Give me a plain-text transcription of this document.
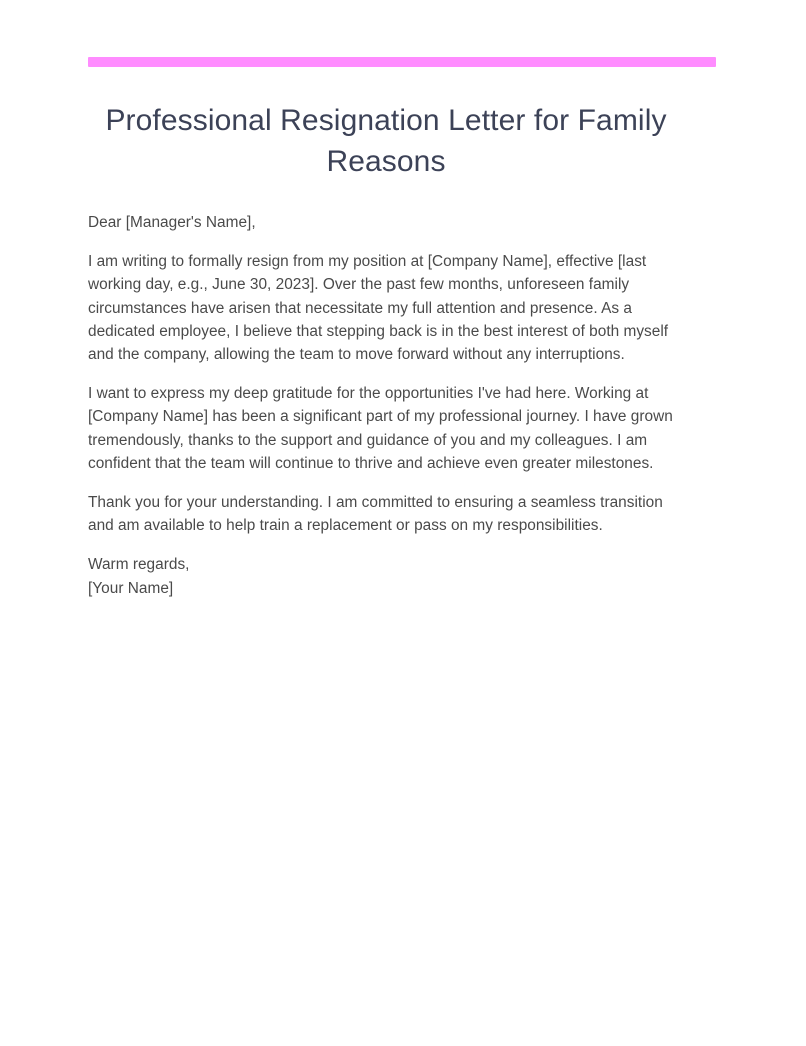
Professional Resignation Letter for Family Reasons

Dear [Manager's Name],

I am writing to formally resign from my position at [Company Name], effective [last working day, e.g., June 30, 2023]. Over the past few months, unforeseen family circumstances have arisen that necessitate my full attention and presence. As a dedicated employee, I believe that stepping back is in the best interest of both myself and the company, allowing the team to move forward without any interruptions.

I want to express my deep gratitude for the opportunities I've had here. Working at [Company Name] has been a significant part of my professional journey. I have grown tremendously, thanks to the support and guidance of you and my colleagues. I am confident that the team will continue to thrive and achieve even greater milestones.

Thank you for your understanding. I am committed to ensuring a seamless transition and am available to help train a replacement or pass on my responsibilities.

Warm regards,
[Your Name]
